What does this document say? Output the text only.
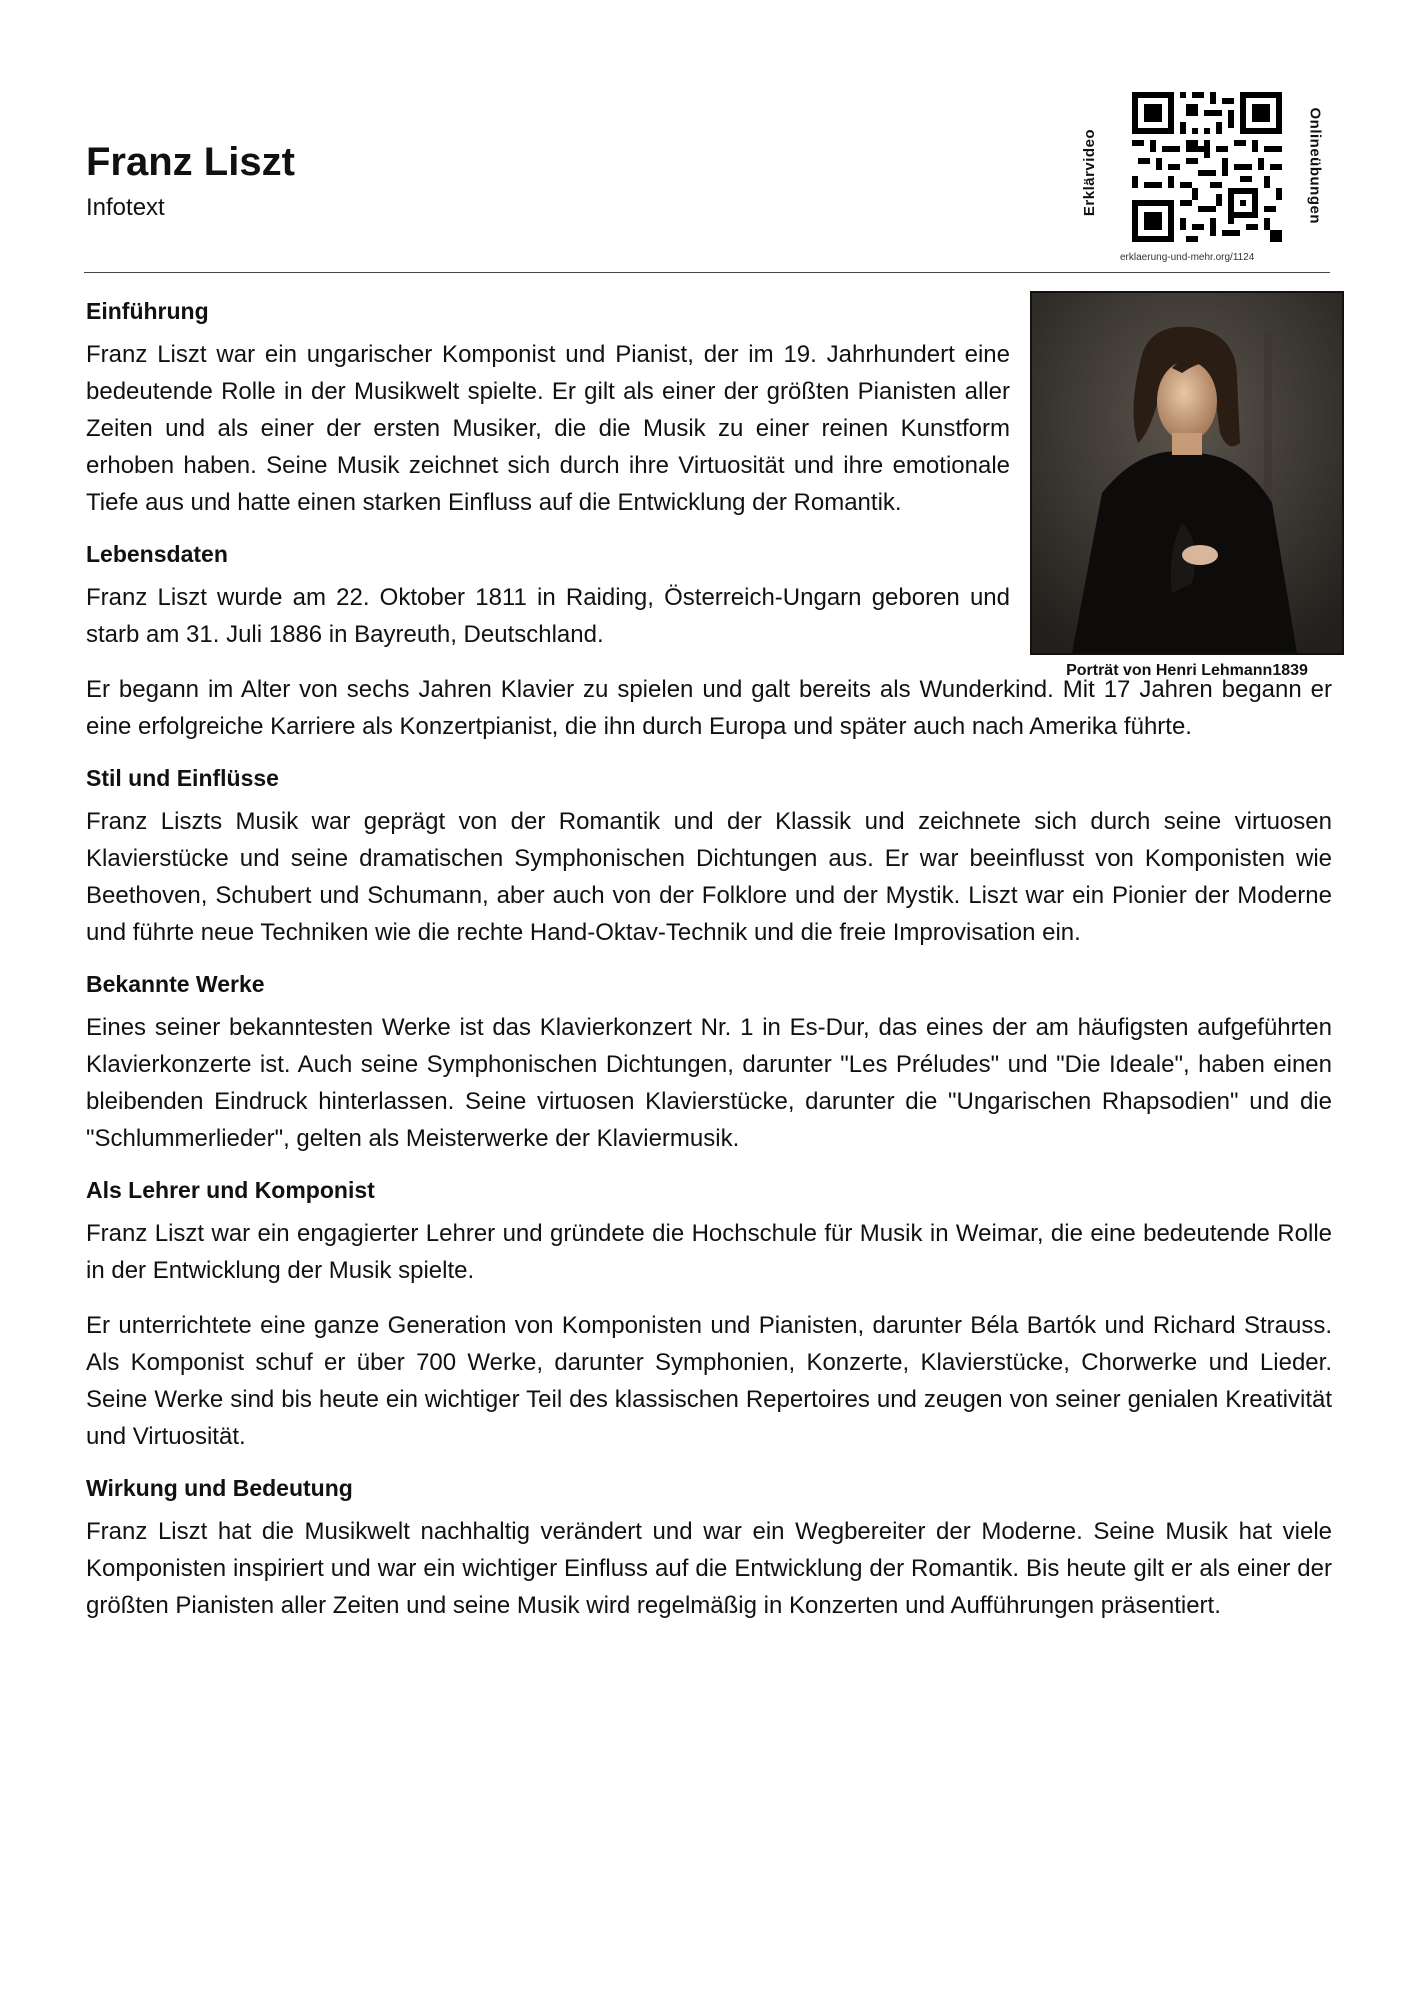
Franz Liszt
Infotext	Erklärvideo
erklaerung-und-mehr.org/1124
Onlineübungen
Porträt von Henri Lehmann1839
Einführung

Franz Liszt war ein ungarischer Komponist und Pianist, der im 19. Jahrhundert eine bedeutende Rolle in der Musikwelt spielte. Er gilt als einer der größten Pianisten aller Zeiten und als einer der ersten Musiker, die die Musik zu einer reinen Kunstform erhoben haben. Seine Musik zeichnet sich durch ihre Virtuosität und ihre emotionale Tiefe aus und hatte einen starken Einfluss auf die Entwicklung der Romantik.

Lebensdaten

Franz Liszt wurde am 22. Oktober 1811 in Raiding, Österreich-Ungarn geboren und starb am 31. Juli 1886 in Bayreuth, Deutschland.

Er begann im Alter von sechs Jahren Klavier zu spielen und galt bereits als Wunderkind. Mit 17 Jahren begann er eine erfolgreiche Karriere als Konzertpianist, die ihn durch Europa und später auch nach Amerika führte.

Stil und Einflüsse

Franz Liszts Musik war geprägt von der Romantik und der Klassik und zeichnete sich durch seine virtuosen Klavierstücke und seine dramatischen Symphonischen Dichtungen aus. Er war beeinflusst von Komponisten wie Beethoven, Schubert und Schumann, aber auch von der Folklore und der Mystik. Liszt war ein Pionier der Moderne und führte neue Techniken wie die rechte Hand-Oktav-Technik und die freie Improvisation ein.

Bekannte Werke

Eines seiner bekanntesten Werke ist das Klavierkonzert Nr. 1 in Es-Dur, das eines der am häufigsten aufgeführten Klavierkonzerte ist. Auch seine Symphonischen Dichtungen, darunter "Les Préludes" und "Die Ideale", haben einen bleibenden Eindruck hinterlassen. Seine virtuosen Klavierstücke, darunter die "Ungarischen Rhapsodien" und die "Schlummerlieder", gelten als Meisterwerke der Klaviermusik.

Als Lehrer und Komponist

Franz Liszt war ein engagierter Lehrer und gründete die Hochschule für Musik in Weimar, die eine bedeutende Rolle in der Entwicklung der Musik spielte.

Er unterrichtete eine ganze Generation von Komponisten und Pianisten, darunter Béla Bartók und Richard Strauss. Als Komponist schuf er über 700 Werke, darunter Symphonien, Konzerte, Klavierstücke, Chorwerke und Lieder. Seine Werke sind bis heute ein wichtiger Teil des klassischen Repertoires und zeugen von seiner genialen Kreativität und Virtuosität.

Wirkung und Bedeutung

Franz Liszt hat die Musikwelt nachhaltig verändert und war ein Wegbereiter der Moderne. Seine Musik hat viele Komponisten inspiriert und war ein wichtiger Einfluss auf die Entwicklung der Romantik. Bis heute gilt er als einer der größten Pianisten aller Zeiten und seine Musik wird regelmäßig in Konzerten und Aufführungen präsentiert.
